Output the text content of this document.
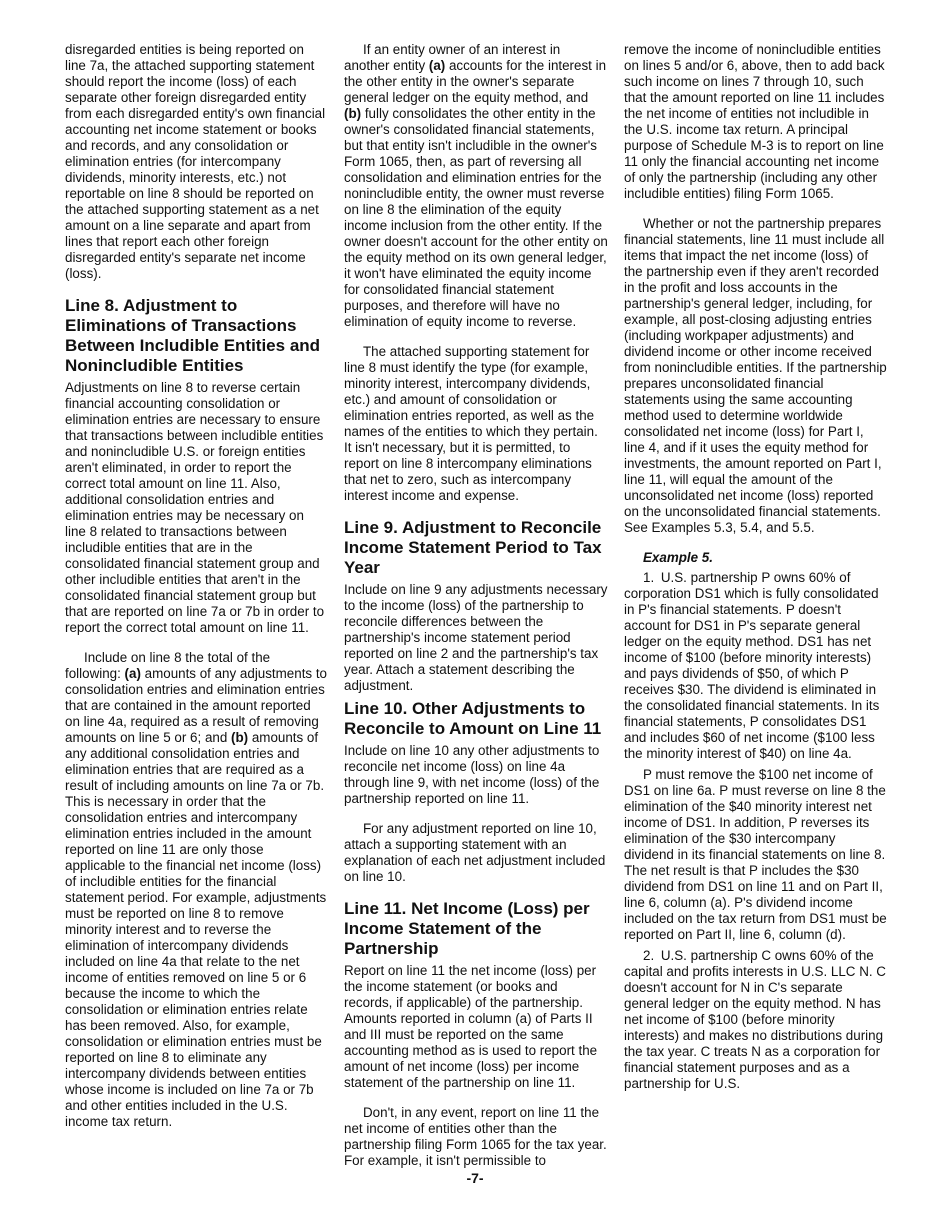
disregarded entities is being reported on line 7a, the attached supporting statement should report the income (loss) of each separate other foreign disregarded entity from each disregarded entity's own financial accounting net income statement or books and records, and any consolidation or elimination entries (for intercompany dividends, minority interests, etc.) not reportable on line 8 should be reported on the attached supporting statement as a net amount on a line separate and apart from lines that report each other foreign disregarded entity's separate net income (loss).

Line 8. Adjustment to Eliminations of Transactions Between Includible Entities and Nonincludible Entities

Adjustments on line 8 to reverse certain financial accounting consolidation or elimination entries are necessary to ensure that transactions between includible entities and nonincludible U.S. or foreign entities aren't eliminated, in order to report the correct total amount on line 11. Also, additional consolidation entries and elimination entries may be necessary on line 8 related to transactions between includible entities that are in the consolidated financial statement group and other includible entities that aren't in the consolidated financial statement group but that are reported on line 7a or 7b in order to report the correct total amount on line 11.

Include on line 8 the total of the following: (a) amounts of any adjustments to consolidation entries and elimination entries that are contained in the amount reported on line 4a, required as a result of removing amounts on line 5 or 6; and (b) amounts of any additional consolidation entries and elimination entries that are required as a result of including amounts on line 7a or 7b. This is necessary in order that the consolidation entries and intercompany elimination entries included in the amount reported on line 11 are only those applicable to the financial net income (loss) of includible entities for the financial statement period. For example, adjustments must be reported on line 8 to remove minority interest and to reverse the elimination of intercompany dividends included on line 4a that relate to the net income of entities removed on line 5 or 6 because the income to which the consolidation or elimination entries relate has been removed. Also, for example, consolidation or elimination entries must be reported on line 8 to eliminate any intercompany dividends between entities whose income is included on line 7a or 7b and other entities included in the U.S. income tax return.

If an entity owner of an interest in another entity (a) accounts for the interest in the other entity in the owner's separate general ledger on the equity method, and (b) fully consolidates the other entity in the owner's consolidated financial statements, but that entity isn't includible in the owner's Form 1065, then, as part of reversing all consolidation and elimination entries for the nonincludible entity, the owner must reverse on line 8 the elimination of the equity income inclusion from the other entity. If the owner doesn't account for the other entity on the equity method on its own general ledger, it won't have eliminated the equity income for consolidated financial statement purposes, and therefore will have no elimination of equity income to reverse.

The attached supporting statement for line 8 must identify the type (for example, minority interest, intercompany dividends, etc.) and amount of consolidation or elimination entries reported, as well as the names of the entities to which they pertain. It isn't necessary, but it is permitted, to report on line 8 intercompany eliminations that net to zero, such as intercompany interest income and expense.

Line 9. Adjustment to Reconcile Income Statement Period to Tax Year

Include on line 9 any adjustments necessary to the income (loss) of the partnership to reconcile differences between the partnership's income statement period reported on line 2 and the partnership's tax year. Attach a statement describing the adjustment.

Line 10. Other Adjustments to Reconcile to Amount on Line 11

Include on line 10 any other adjustments to reconcile net income (loss) on line 4a through line 9, with net income (loss) of the partnership reported on line 11.

For any adjustment reported on line 10, attach a supporting statement with an explanation of each net adjustment included on line 10.

Line 11. Net Income (Loss) per Income Statement of the Partnership

Report on line 11 the net income (loss) per the income statement (or books and records, if applicable) of the partnership. Amounts reported in column (a) of Parts II and III must be reported on the same accounting method as is used to report the amount of net income (loss) per income statement of the partnership on line 11.

Don't, in any event, report on line 11 the net income of entities other than the partnership filing Form 1065 for the tax year. For example, it isn't permissible to

remove the income of nonincludible entities on lines 5 and/or 6, above, then to add back such income on lines 7 through 10, such that the amount reported on line 11 includes the net income of entities not includible in the U.S. income tax return. A principal purpose of Schedule M-3 is to report on line 11 only the financial accounting net income of only the partnership (including any other includible entities) filing Form 1065.

Whether or not the partnership prepares financial statements, line 11 must include all items that impact the net income (loss) of the partnership even if they aren't recorded in the profit and loss accounts in the partnership's general ledger, including, for example, all post-closing adjusting entries (including workpaper adjustments) and dividend income or other income received from nonincludible entities. If the partnership prepares unconsolidated financial statements using the same accounting method used to determine worldwide consolidated net income (loss) for Part I, line 4, and if it uses the equity method for investments, the amount reported on Part I, line 11, will equal the amount of the unconsolidated net income (loss) reported on the unconsolidated financial statements. See Examples 5.3, 5.4, and 5.5.

Example 5.

1. U.S. partnership P owns 60% of corporation DS1 which is fully consolidated in P's financial statements. P doesn't account for DS1 in P's separate general ledger on the equity method. DS1 has net income of $100 (before minority interests) and pays dividends of $50, of which P receives $30. The dividend is eliminated in the consolidated financial statements. In its financial statements, P consolidates DS1 and includes $60 of net income ($100 less the minority interest of $40) on line 4a.

P must remove the $100 net income of DS1 on line 6a. P must reverse on line 8 the elimination of the $40 minority interest net income of DS1. In addition, P reverses its elimination of the $30 intercompany dividend in its financial statements on line 8. The net result is that P includes the $30 dividend from DS1 on line 11 and on Part II, line 6, column (a). P's dividend income included on the tax return from DS1 must be reported on Part II, line 6, column (d).

2. U.S. partnership C owns 60% of the capital and profits interests in U.S. LLC N. C doesn't account for N in C's separate general ledger on the equity method. N has net income of $100 (before minority interests) and makes no distributions during the tax year. C treats N as a corporation for financial statement purposes and as a partnership for U.S.

-7-
